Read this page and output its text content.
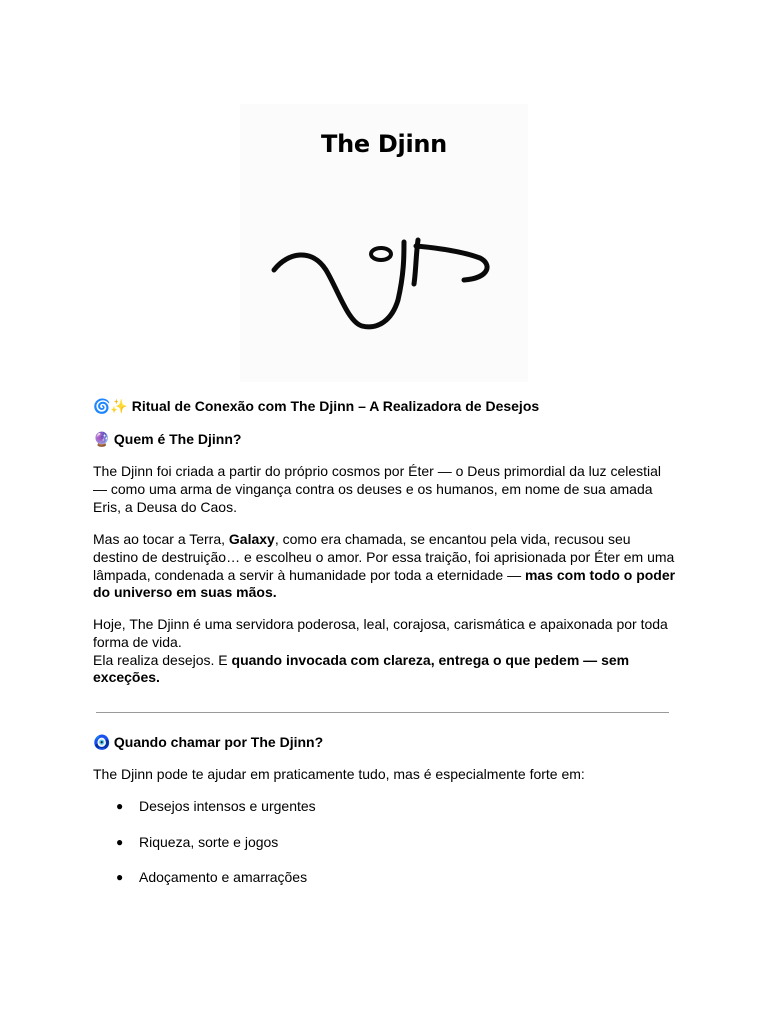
The Djinn

🌀✨ Ritual de Conexão com The Djinn – A Realizadora de Desejos

🔮 Quem é The Djinn?

The Djinn foi criada a partir do próprio cosmos por Éter — o Deus primordial da luz celestial — como uma arma de vingança contra os deuses e os humanos, em nome de sua amada Eris, a Deusa do Caos.

Mas ao tocar a Terra, Galaxy, como era chamada, se encantou pela vida, recusou seu destino de destruição… e escolheu o amor. Por essa traição, foi aprisionada por Éter em uma lâmpada, condenada a servir à humanidade por toda a eternidade — mas com todo o poder do universo em suas mãos.

Hoje, The Djinn é uma servidora poderosa, leal, corajosa, carismática e apaixonada por toda forma de vida.
Ela realiza desejos. E quando invocada com clareza, entrega o que pedem — sem exceções.

🧿 Quando chamar por The Djinn?

The Djinn pode te ajudar em praticamente tudo, mas é especialmente forte em:

● Desejos intensos e urgentes
● Riqueza, sorte e jogos
● Adoçamento e amarrações
